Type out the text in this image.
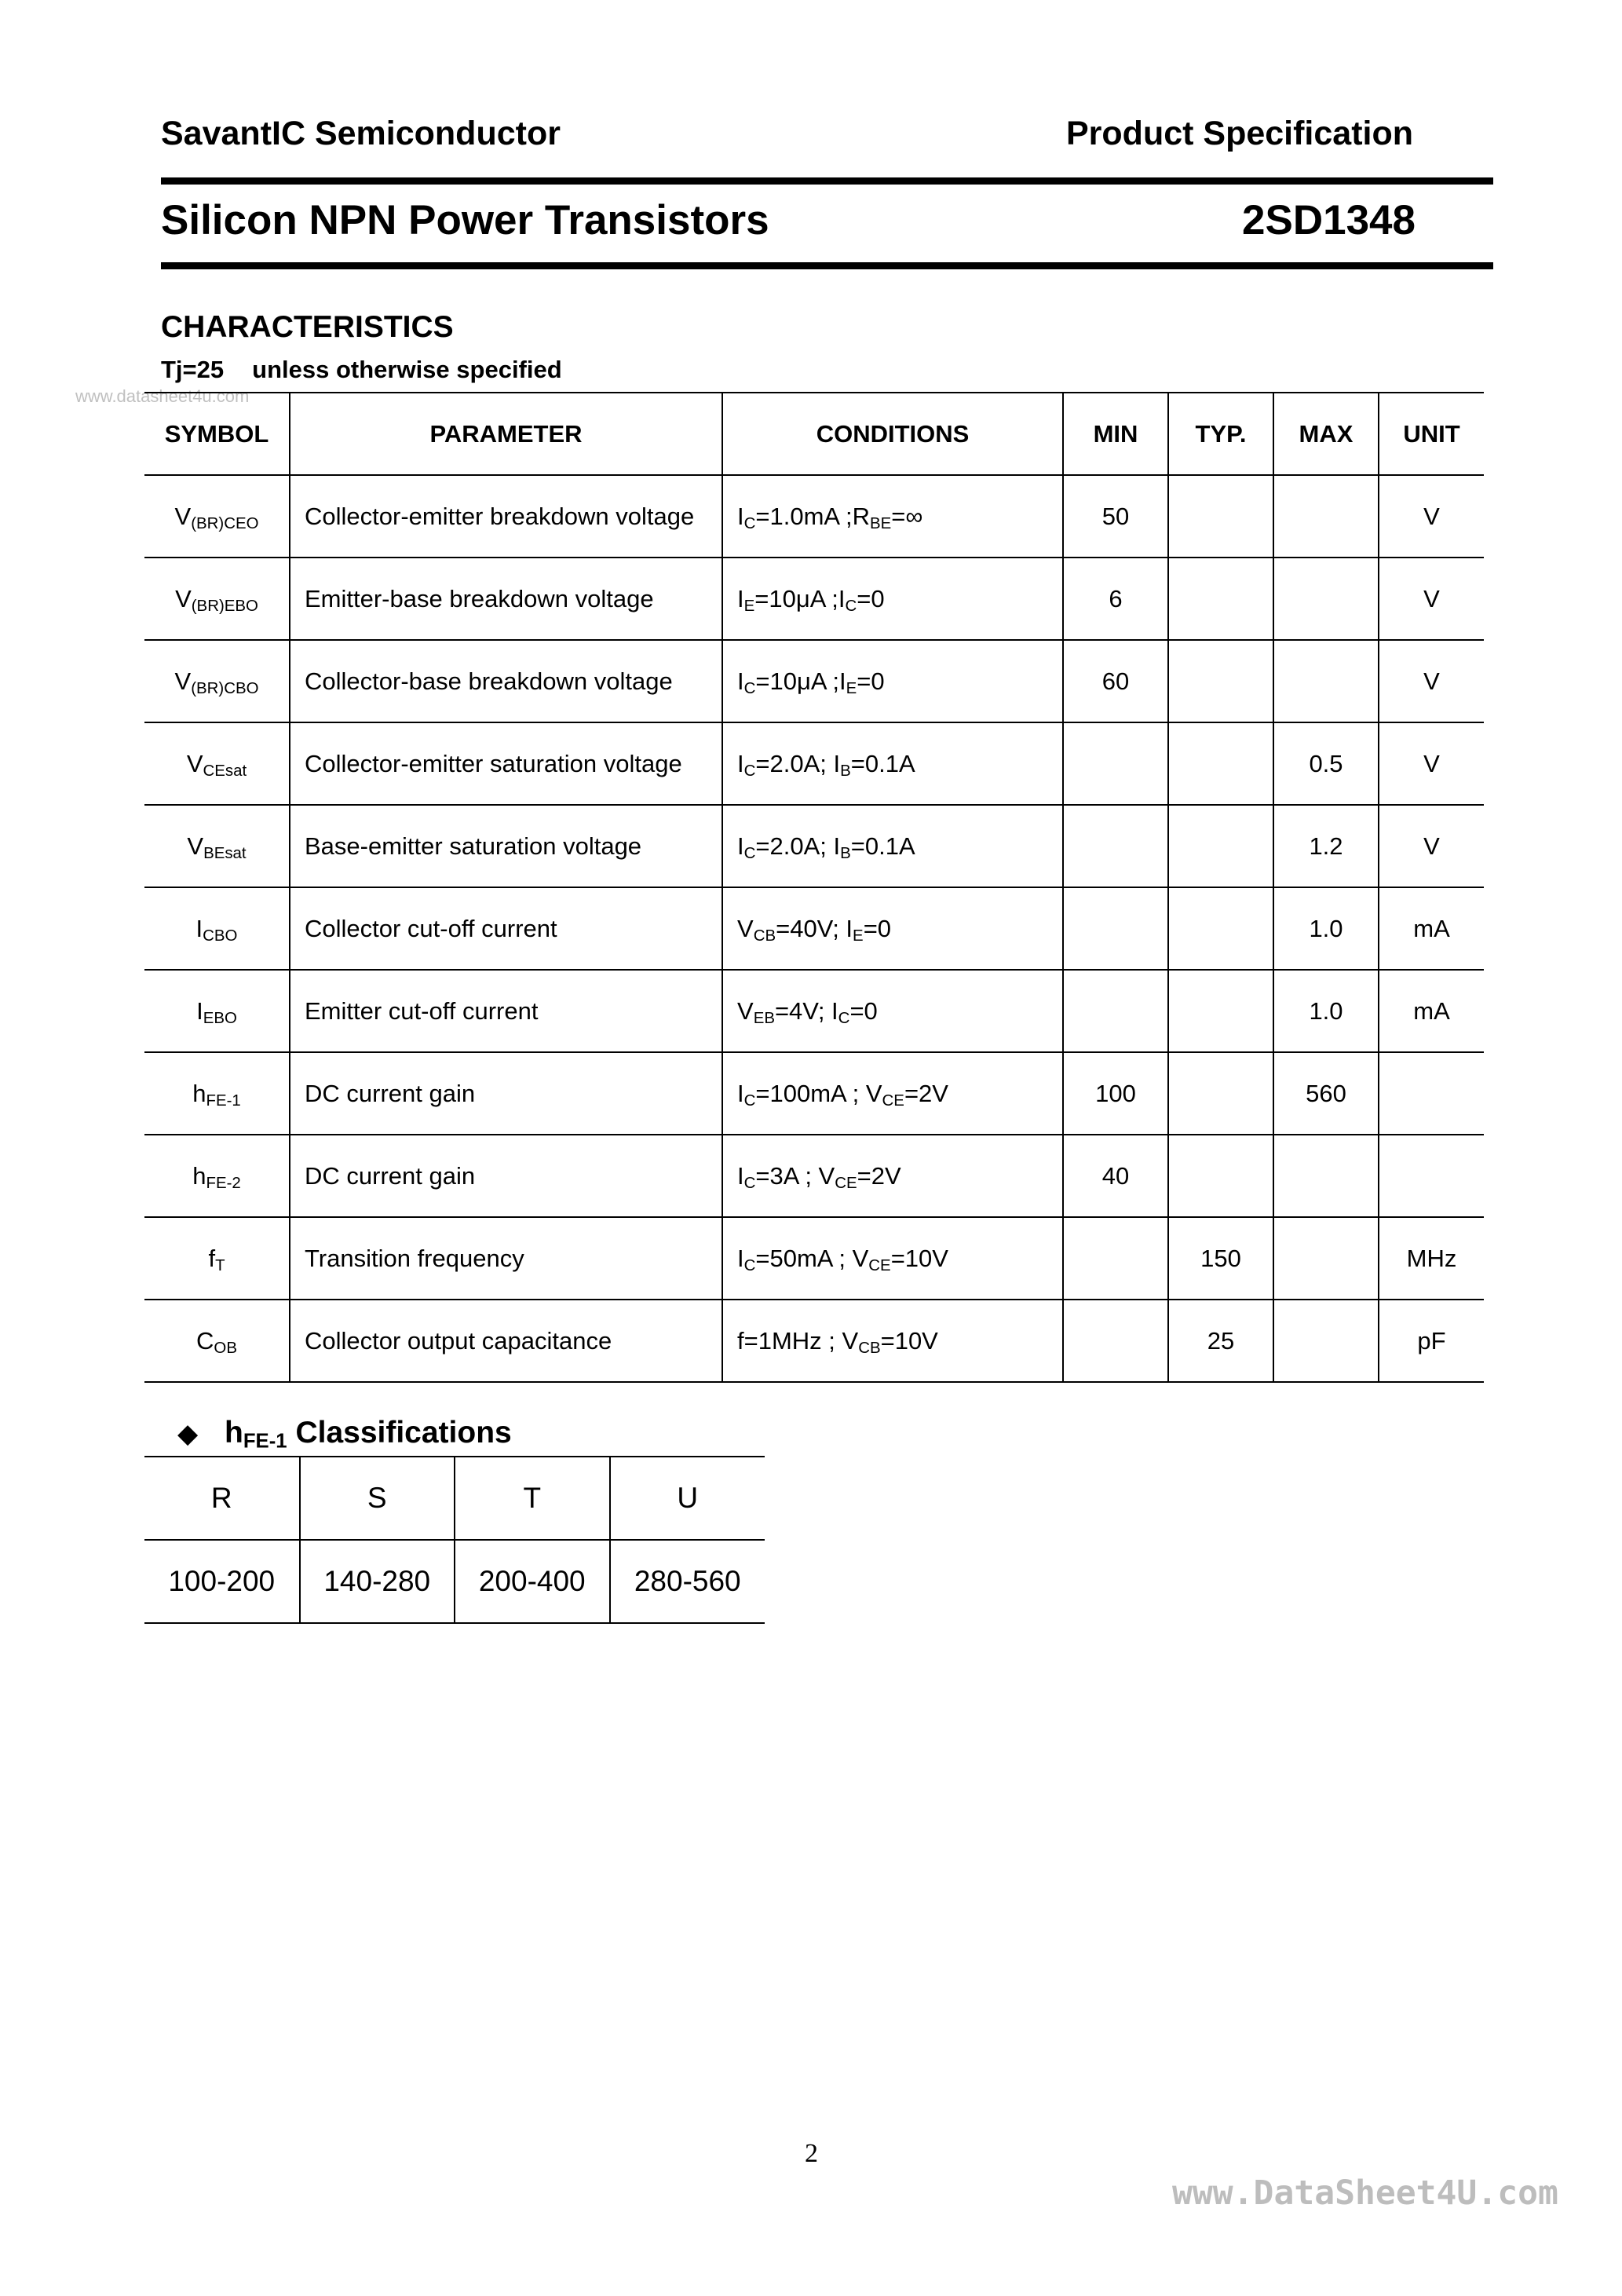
SavantIC Semiconductor	Product Specification
Silicon NPN Power Transistors	2SD1348
CHARACTERISTICS
Tj=25 unless otherwise specified
www.datasheet4u.com
SYMBOL	PARAMETER	CONDITIONS	MIN	TYP.	MAX	UNIT
$V_{(BR)CEO}$	Collector-emitter breakdown voltage	$I_C=1.0mA$ $;R_{BE}=\infty$	50			V
$V_{(BR)EBO}$	Emitter-base breakdown voltage	$I_E=10\mu A$ $;I_C=0$	6			V
$V_{(BR)CBO}$	Collector-base breakdown voltage	$I_C=10\mu A$ $;I_E=0$	60			V
$V_{CEsat}$	Collector-emitter saturation voltage	$I_C=2.0A$; $I_B=0.1A$			0.5	V
$V_{BEsat}$	Base-emitter saturation voltage	$I_C=2.0A$; $I_B=0.1A$			1.2	V
$I_{CBO}$	Collector cut-off current	$V_{CB}=40V$; $I_E=0$			1.0	mA
$I_{EBO}$	Emitter cut-off current	$V_{EB}=4V$; $I_C=0$			1.0	mA
$h_{FE-1}$	DC current gain	$I_C=100mA$ ; $V_{CE}=2V$	100		560	
$h_{FE-2}$	DC current gain	$I_C=3A$ ; $V_{CE}=2V$	40			
$f_T$	Transition frequency	$I_C=50mA$ ; $V_{CE}=10V$		150		MHz
$C_{OB}$	Collector output capacitance	f=1MHz ; $V_{CB}=10V$		25		pF
◆ $h_{FE-1}$ Classifications
R	S	T	U
100-200	140-280	200-400	280-560
2
www.DataSheet4U.com
